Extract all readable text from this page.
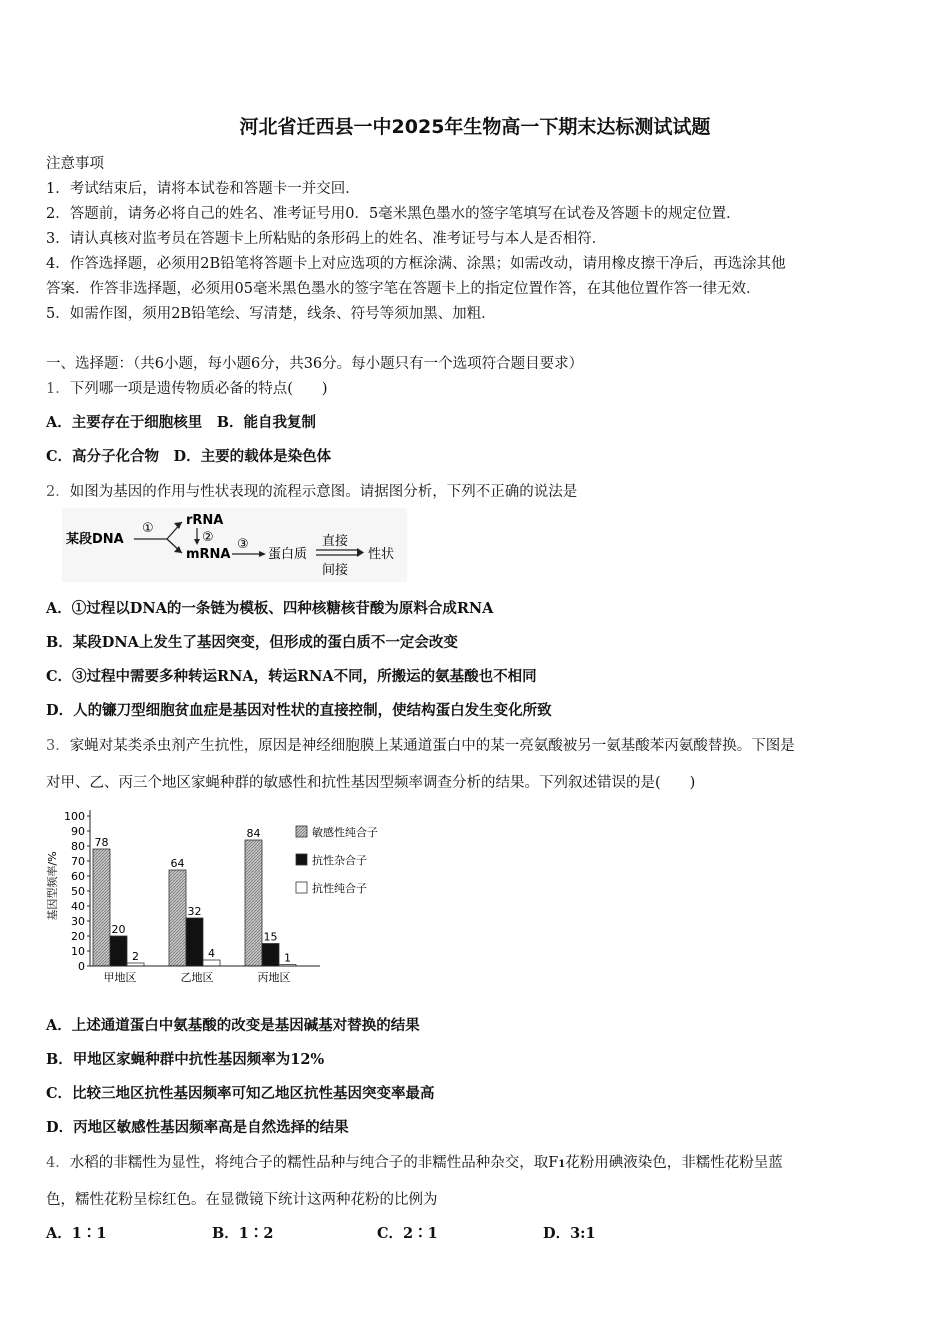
河北省迁西县一中2025年生物高一下期末达标测试试题
注意事项
1．考试结束后，请将本试卷和答题卡一并交回．
2．答题前，请务必将自己的姓名、准考证号用0．5毫米黑色墨水的签字笔填写在试卷及答题卡的规定位置．
3．请认真核对监考员在答题卡上所粘贴的条形码上的姓名、准考证号与本人是否相符．
4．作答选择题，必须用2B铅笔将答题卡上对应选项的方框涂满、涂黑；如需改动，请用橡皮擦干净后，再选涂其他
答案．作答非选择题，必须用05毫米黑色墨水的签字笔在答题卡上的指定位置作答，在其他位置作答一律无效．
5．如需作图，须用2B铅笔绘、写清楚，线条、符号等须加黑、加粗．
一、选择题：（共6小题，每小题6分，共36分。每小题只有一个选项符合题目要求）
1．下列哪一项是遗传物质必备的特点(　　)
A．主要存在于细胞核里　B．能自我复制
C．高分子化合物　D．主要的载体是染色体
2．如图为基因的作用与性状表现的流程示意图。请据图分析，下列不正确的说法是
某段DNA
①
rRNA
②
mRNA
③
蛋白质
直接
间接
性状
A．①过程以DNA的一条链为模板、四种核糖核苷酸为原料合成RNA
B．某段DNA上发生了基因突变，但形成的蛋白质不一定会改变
C．③过程中需要多种转运RNA，转运RNA不同，所搬运的氨基酸也不相同
D．人的镰刀型细胞贫血症是基因对性状的直接控制，使结构蛋白发生变化所致
3．家蝇对某类杀虫剂产生抗性，原因是神经细胞膜上某通道蛋白中的某一亮氨酸被另一氨基酸苯丙氨酸替换。下图是
对甲、乙、丙三个地区家蝇种群的敏感性和抗性基因型频率调查分析的结果。下列叙述错误的是(　　)
基因型频率/%
0
10
20
30
40
50
60
70
80
90
100
78
20
2
64
32
4
84
15
1
甲地区	乙地区	丙地区
敏感性纯合子
抗性杂合子
抗性纯合子
A．上述通道蛋白中氨基酸的改变是基因碱基对替换的结果
B．甲地区家蝇种群中抗性基因频率为12%
C．比较三地区抗性基因频率可知乙地区抗性基因突变率最高
D．丙地区敏感性基因频率高是自然选择的结果
4．水稻的非糯性为显性，将纯合子的糯性品种与纯合子的非糯性品种杂交，取F1花粉用碘液染色，非糯性花粉呈蓝
色，糯性花粉呈棕红色。在显微镜下统计这两种花粉的比例为
A．1∶1	B．1∶2	C．2∶1	D．3:1
